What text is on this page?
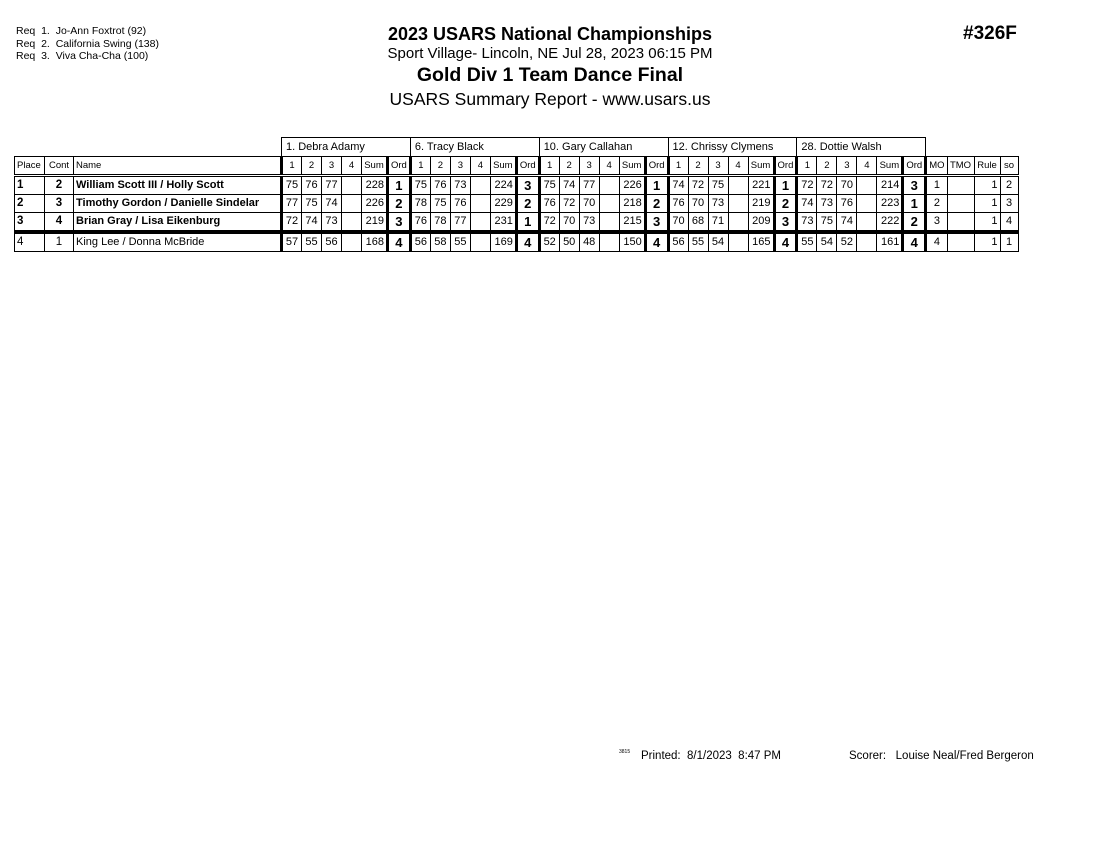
Req  1.  Jo-Ann Foxtrot (92)
Req  2.  California Swing (138)
Req  3.  Viva Cha-Cha (100)
2023 USARS National Championships
Sport Village- Lincoln, NE Jul 28, 2023 06:15 PM
Gold Div 1 Team Dance Final
USARS Summary Report - www.usars.us
#326F
			1. Debra Adamy						6. Tracy Black						10. Gary Callahan						12. Chrissy Clymens						28. Dottie Walsh									
Place	Cont	Name	1	2	3	4	Sum	Ord	1	2	3	4	Sum	Ord	1	2	3	4	Sum	Ord	1	2	3	4	Sum	Ord	1	2	3	4	Sum	Ord	MO	TMO	Rule	so
1	2	William Scott III / Holly Scott	75	76	77		228	1	75	76	73		224	3	75	74	77		226	1	74	72	75		221	1	72	72	70		214	3	1		1	2
2	3	Timothy Gordon / Danielle Sindelar	77	75	74		226	2	78	75	76		229	2	76	72	70		218	2	76	70	73		219	2	74	73	76		223	1	2		1	3
3	4	Brian Gray / Lisa Eikenburg	72	74	73		219	3	76	78	77		231	1	72	70	73		215	3	70	68	71		209	3	73	75	74		222	2	3		1	4
4	1	King Lee / Donna McBride	57	55	56		168	4	56	58	55		169	4	52	50	48		150	4	56	55	54		165	4	55	54	52		161	4	4		1	1
3815 Printed:  8/1/2023  8:47 PM	Scorer:   Louise Neal/Fred Bergeron
